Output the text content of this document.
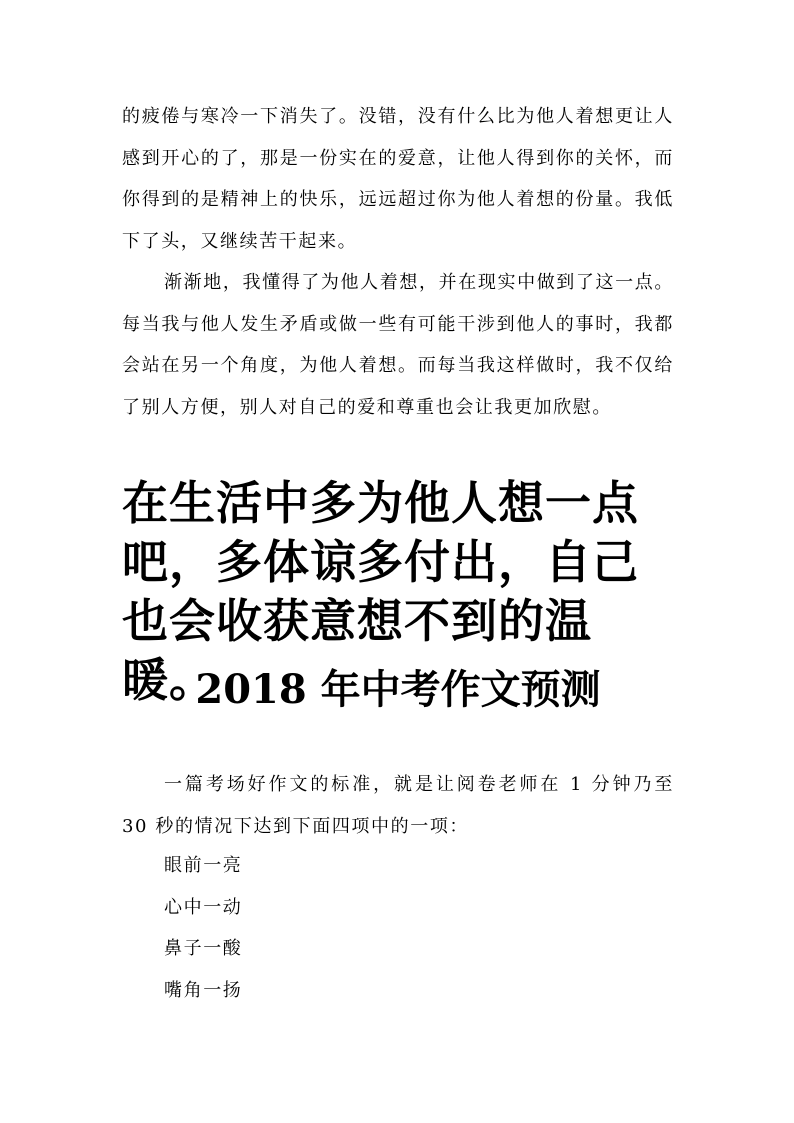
的疲倦与寒冷一下消失了。没错，没有什么比为他人着想更让人感到开心的了，那是一份实在的爱意，让他人得到你的关怀，而你得到的是精神上的快乐，远远超过你为他人着想的份量。我低下了头，又继续苦干起来。

渐渐地，我懂得了为他人着想，并在现实中做到了这一点。每当我与他人发生矛盾或做一些有可能干涉到他人的事时，我都会站在另一个角度，为他人着想。而每当我这样做时，我不仅给了别人方便，别人对自己的爱和尊重也会让我更加欣慰。

在生活中多为他人想一点吧，多体谅多付出，自己也会收获意想不到的温暖。

2018 年中考作文预测

一篇考场好作文的标准，就是让阅卷老师在 1 分钟乃至 30 秒的情况下达到下面四项中的一项：

眼前一亮
心中一动
鼻子一酸
嘴角一扬
